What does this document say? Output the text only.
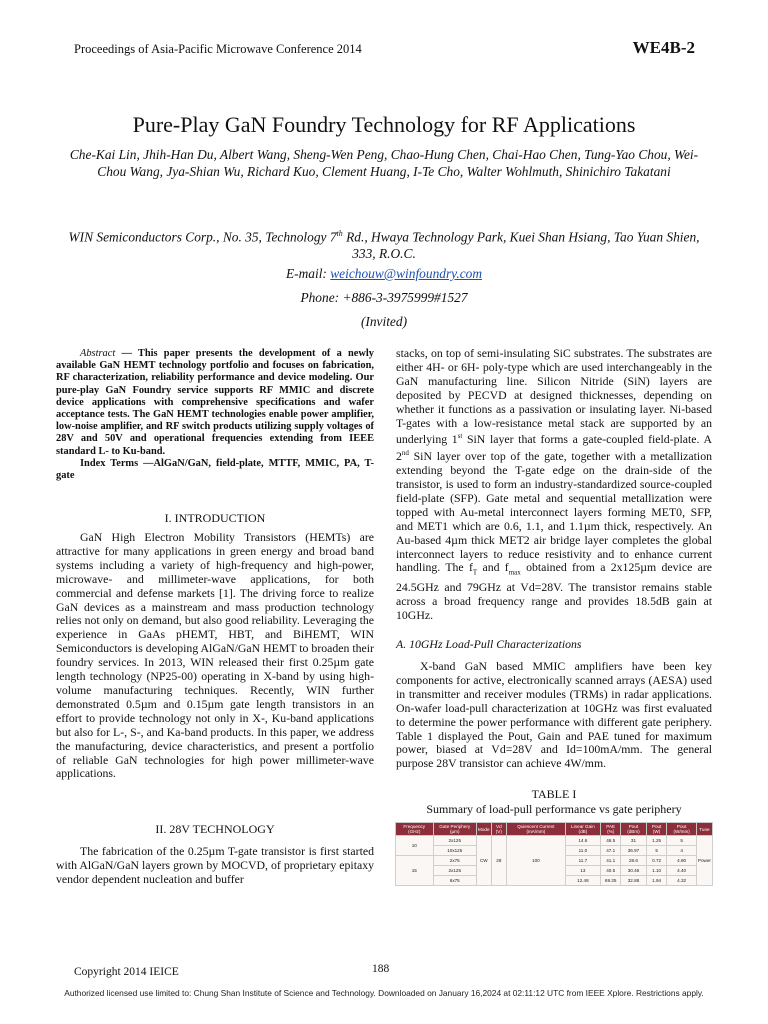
Proceedings of Asia-Pacific Microwave Conference 2014	WE4B-2
Pure-Play GaN Foundry Technology for RF Applications
Che-Kai Lin, Jhih-Han Du, Albert Wang, Sheng-Wen Peng, Chao-Hung Chen, Chai-Hao Chen, Tung-Yao Chou, Wei-Chou Wang, Jya-Shian Wu, Richard Kuo, Clement Huang, I-Te Cho, Walter Wohlmuth, Shinichiro Takatani
WIN Semiconductors Corp., No. 35, Technology 7th Rd., Hwaya Technology Park, Kuei Shan Hsiang, Tao Yuan Shien, 333, R.O.C.
E-mail: weichouw@winfoundry.com
Phone: +886-3-3975999#1527
(Invited)

Abstract — This paper presents the development of a newly available GaN HEMT technology portfolio and focuses on fabrication, RF characterization, reliability performance and device modeling. Our pure-play GaN Foundry service supports RF MMIC and discrete device applications with comprehensive specifications and wafer acceptance tests. The GaN HEMT technologies enable power amplifier, low-noise amplifier, and RF switch products utilizing supply voltages of 28V and 50V and operational frequencies extending from IEEE standard L- to Ku-band.

Index Terms —AlGaN/GaN, field-plate, MTTF, MMIC, PA, T-gate

I. INTRODUCTION

GaN High Electron Mobility Transistors (HEMTs) are attractive for many applications in green energy and broad band systems including a variety of high-frequency and high-power, microwave- and millimeter-wave applications, for both commercial and defense markets [1]. The driving force to realize GaN devices as a mainstream and mass production technology relies not only on demand, but also good reliability. Leveraging the experience in GaAs pHEMT, HBT, and BiHEMT, WIN Semiconductors is developing AlGaN/GaN HEMT to broaden their foundry services. In 2013, WIN released their first 0.25µm gate length technology (NP25-00) operating in X-band by using high-volume manufacturing techniques. Recently, WIN further demonstrated 0.5µm and 0.15µm gate length transistors in an effort to provide technology not only in X-, Ku-band applications but also for L-, S-, and Ka-band products. In this paper, we address the manufacturing, device characteristics, and present a portfolio of reliable GaN technologies for high power millimeter-wave applications.

II. 28V TECHNOLOGY

The fabrication of the 0.25µm T-gate transistor is first started with AlGaN/GaN layers grown by MOCVD, of proprietary epitaxy vendor dependent nucleation and buffer

stacks, on top of semi-insulating SiC substrates. The substrates are either 4H- or 6H- poly-type which are used interchangeably in the GaN manufacturing line. Silicon Nitride (SiN) layers are deposited by PECVD at designed thicknesses, depending on whether it functions as a passivation or insulating layer. Ni-based T-gates with a low-resistance metal stack are supported by an underlying 1st SiN layer that forms a gate-coupled field-plate. A 2nd SiN layer over top of the gate, together with a metallization extending beyond the T-gate edge on the drain-side of the transistor, is used to form an industry-standardized source-coupled field-plate (SFP). Gate metal and sequential metallization were topped with Au-metal interconnect layers forming MET0, SFP, and MET1 which are 0.6, 1.1, and 1.1µm thick, respectively. An Au-based 4µm thick MET2 air bridge layer completes the global interconnect layers to reduce resistivity and to enhance current handling. The $f_T$ and $f_{max}$ obtained from a 2x125µm device are 24.5GHz and 79GHz at Vd=28V. The transistor remains stable across a broad frequency range and provides 18.5dB gain at 10GHz.

A. 10GHz Load-Pull Characterizations

X-band GaN based MMIC amplifiers have been key components for active, electronically scanned arrays (AESA) used in transmitter and receiver modules (TRMs) in radar applications. On-wafer load-pull characterization at 10GHz was first evaluated to determine the power performance with different gate periphery. Table 1 displayed the Pout, Gain and PAE tuned for maximum power, biased at Vd=28V and Id=100mA/mm. The general purpose 28V transistor can achieve 4W/mm.

TABLE I
Summary of load-pull performance vs gate periphery
Frequency (GHz)	Gate Periphery (µm)	Mode	Vd (V)	Quiescent Current (mA/mm)	Linear Gain (dB)	PAE (%)	Pout (dBm)	Pout (W)	Pout (W/mm)	Tune
10	2x125	CW	28	100	14.6	46.5	31	1.25	5	Power
	10x125				11.0	47.1	36.97	5	4	
15	2x75				11.7	41.1	28.6	0.72	4.80	
	2x125				13	40.5	30.46	1.10	4.40	
	6x75				12.48	69.35	32.88	1.94	4.32	
Copyright 2014 IEICE	188
Authorized licensed use limited to: Chung Shan Institute of Science and Technology. Downloaded on January 16,2024 at 02:11:12 UTC from IEEE Xplore. Restrictions apply.
